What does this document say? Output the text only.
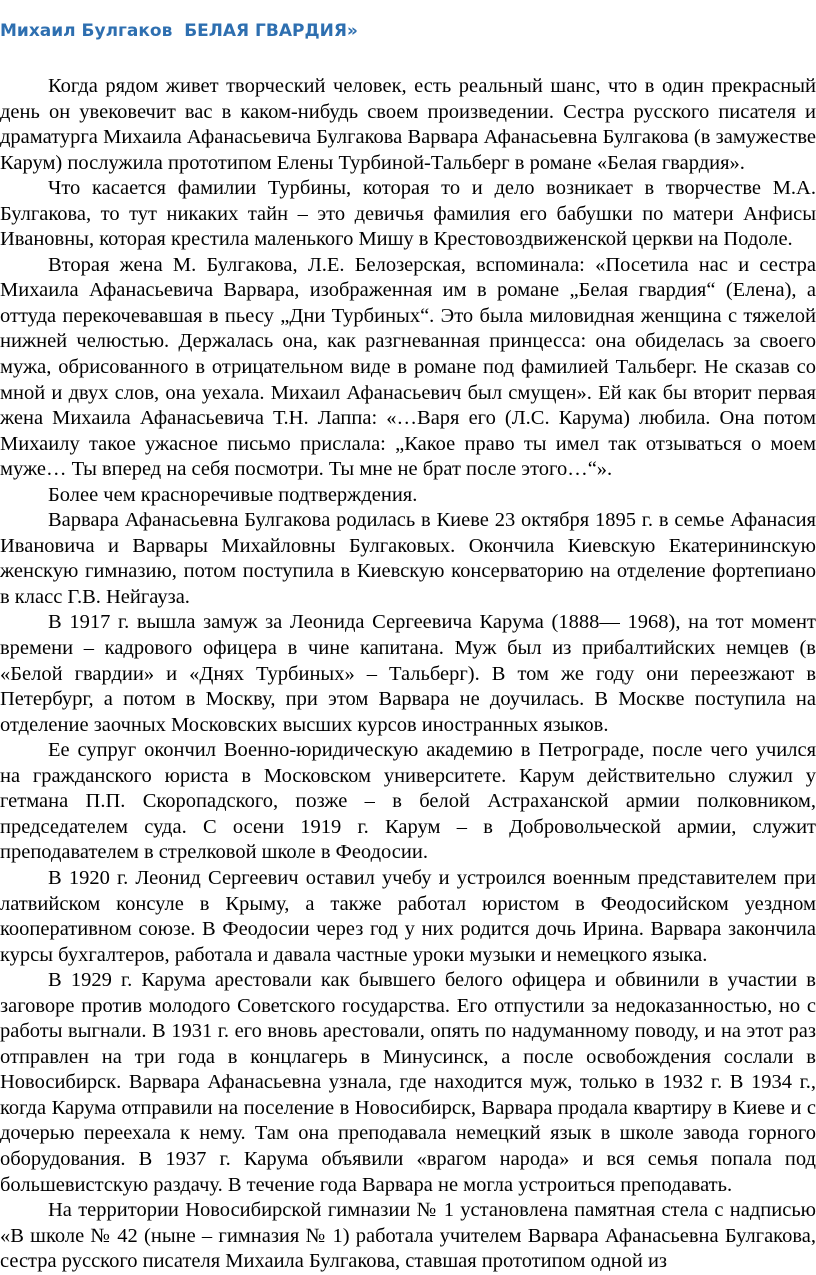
Михаил Булгаков  БЕЛАЯ ГВАРДИЯ»

Когда рядом живет творческий человек, есть реальный шанс, что в один прекрасный день он увековечит вас в каком-нибудь своем произведении. Сестра русского писателя и драматурга Михаила Афанасьевича Булгакова Варвара Афанасьевна Булгакова (в замужестве Карум) послужила прототипом Елены Турбиной-Тальберг в романе «Белая гвардия».

Что касается фамилии Турбины, которая то и дело возникает в творчестве М.А. Булгакова, то тут никаких тайн – это девичья фамилия его бабушки по матери Анфисы Ивановны, которая крестила маленького Мишу в Крестовоздвиженской церкви на Подоле.

Вторая жена М. Булгакова, Л.Е. Белозерская, вспоминала: «Посетила нас и сестра Михаила Афанасьевича Варвара, изображенная им в романе „Белая гвардия“ (Елена), а оттуда перекочевавшая в пьесу „Дни Турбиных“. Это была миловидная женщина с тяжелой нижней челюстью. Держалась она, как разгневанная принцесса: она обиделась за своего мужа, обрисованного в отрицательном виде в романе под фамилией Тальберг. Не сказав со мной и двух слов, она уехала. Михаил Афанасьевич был смущен». Ей как бы вторит первая жена Михаила Афанасьевича Т.Н. Лаппа: «…Варя его (Л.С. Карума) любила. Она потом Михаилу такое ужасное письмо прислала: „Какое право ты имел так отзываться о моем муже… Ты вперед на себя посмотри. Ты мне не брат после этого…“».

Более чем красноречивые подтверждения.

Варвара Афанасьевна Булгакова родилась в Киеве 23 октября 1895 г. в семье Афанасия Ивановича и Варвары Михайловны Булгаковых. Окончила Киевскую Екатерининскую женскую гимназию, потом поступила в Киевскую консерваторию на отделение фортепиано в класс Г.В. Нейгауза.

В 1917 г. вышла замуж за Леонида Сергеевича Карума (1888— 1968), на тот момент времени – кадрового офицера в чине капитана. Муж был из прибалтийских немцев (в «Белой гвардии» и «Днях Турбиных» – Тальберг). В том же году они переезжают в Петербург, а потом в Москву, при этом Варвара не доучилась. В Москве поступила на отделение заочных Московских высших курсов иностранных языков.

Ее супруг окончил Военно-юридическую академию в Петрограде, после чего учился на гражданского юриста в Московском университете. Карум действительно служил у гетмана П.П. Скоропадского, позже – в белой Астраханской армии полковником, председателем суда. С осени 1919 г. Карум – в Добровольческой армии, служит преподавателем в стрелковой школе в Феодосии.

В 1920 г. Леонид Сергеевич оставил учебу и устроился военным представителем при латвийском консуле в Крыму, а также работал юристом в Феодосийском уездном кооперативном союзе. В Феодосии через год у них родится дочь Ирина. Варвара закончила курсы бухгалтеров, работала и давала частные уроки музыки и немецкого языка.

В 1929 г. Карума арестовали как бывшего белого офицера и обвинили в участии в заговоре против молодого Советского государства. Его отпустили за недоказанностью, но с работы выгнали. В 1931 г. его вновь арестовали, опять по надуманному поводу, и на этот раз отправлен на три года в концлагерь в Минусинск, а после освобождения сослали в Новосибирск. Варвара Афанасьевна узнала, где находится муж, только в 1932 г. В 1934 г., когда Карума отправили на поселение в Новосибирск, Варвара продала квартиру в Киеве и с дочерью переехала к нему. Там она преподавала немецкий язык в школе завода горного оборудования. В 1937 г. Карума объявили «врагом народа» и вся семья попала под большевистскую раздачу. В течение года Варвара не могла устроиться преподавать.

На территории Новосибирской гимназии № 1 установлена памятная стела с надписью «В школе № 42 (ныне – гимназия № 1) работала учителем Варвара Афанасьевна Булгакова, сестра русского писателя Михаила Булгакова, ставшая прототипом одной из
